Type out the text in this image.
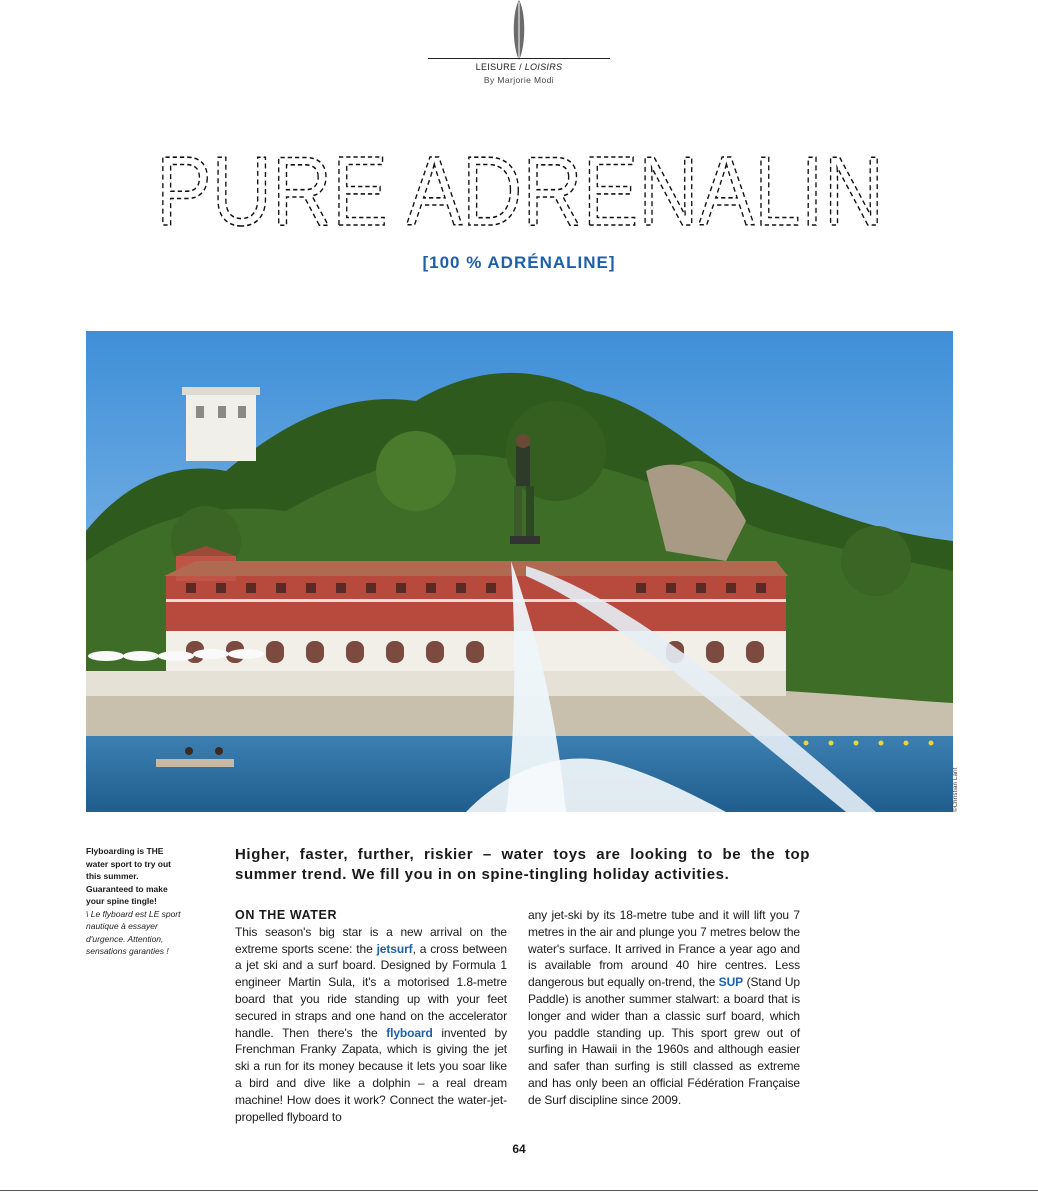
LEISURE / LOISIRS
By Marjorie Modi
PURE ADRENALIN
[100 % ADRÉNALINE]
©Christian Larit
Flyboarding is THE water sport to try out this summer. Guaranteed to make your spine tingle!
\ Le flyboard est LE sport nautique à essayer d'urgence. Attention, sensations garanties !
Higher, faster, further, riskier – water toys are looking to be the top summer trend. We fill you in on spine-tingling holiday activities.
ON THE WATER
This season's big star is a new arrival on the extreme sports scene: the jetsurf, a cross between a jet ski and a surf board. Designed by Formula 1 engineer Martin Sula, it's a motorised 1.8-metre board that you ride standing up with your feet secured in straps and one hand on the accelerator handle. Then there's the flyboard invented by Frenchman Franky Zapata, which is giving the jet ski a run for its money because it lets you soar like a bird and dive like a dolphin – a real dream machine! How does it work? Connect the water-jet-propelled flyboard to
any jet-ski by its 18-metre tube and it will lift you 7 metres in the air and plunge you 7 metres below the water's surface. It arrived in France a year ago and is available from around 40 hire centres. Less dangerous but equally on-trend, the SUP (Stand Up Paddle) is another summer stalwart: a board that is longer and wider than a classic surf board, which you paddle standing up. This sport grew out of surfing in Hawaii in the 1960s and although easier and safer than surfing is still classed as extreme and has only been an official Fédération Française de Surf discipline since 2009.
64
